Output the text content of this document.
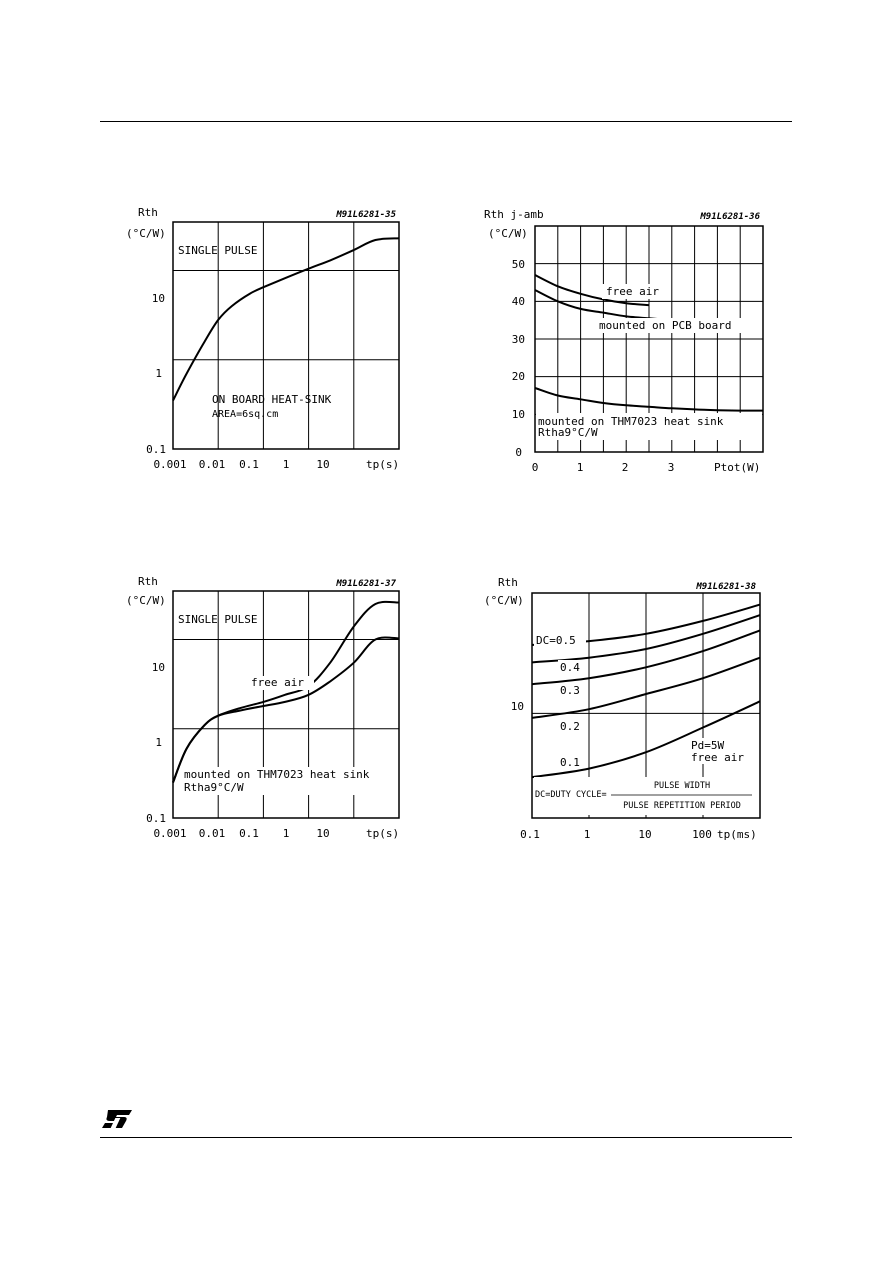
M91L6281-35
Rth
(°C/W)
10
1
0.1
0.001 0.01 0.1 1 10	tp(s)
SINGLE PULSE
ON BOARD HEAT-SINK
AREA=6sq.cm
M91L6281-36
Rth j-amb
(°C/W)
50
40
30
20
10
0
0	1	2	3	Ptot(W)
free air
mounted on PCB board
mounted on THM7023 heat sink
Rtha9°C/W
M91L6281-37
Rth
(°C/W)
10
1
0.1
0.001 0.01 0.1 1 10	tp(s)
SINGLE PULSE
free air
mounted on THM7023 heat sink
Rtha9°C/W
M91L6281-38
Rth
(°C/W)
10
0.1	1	10	100 tp(ms)
DC=0.5
0.4
0.3
0.2
0.1
Pd=5W
free air
PULSE WIDTH
DC=DUTY CYCLE=
PULSE REPETITION PERIOD
